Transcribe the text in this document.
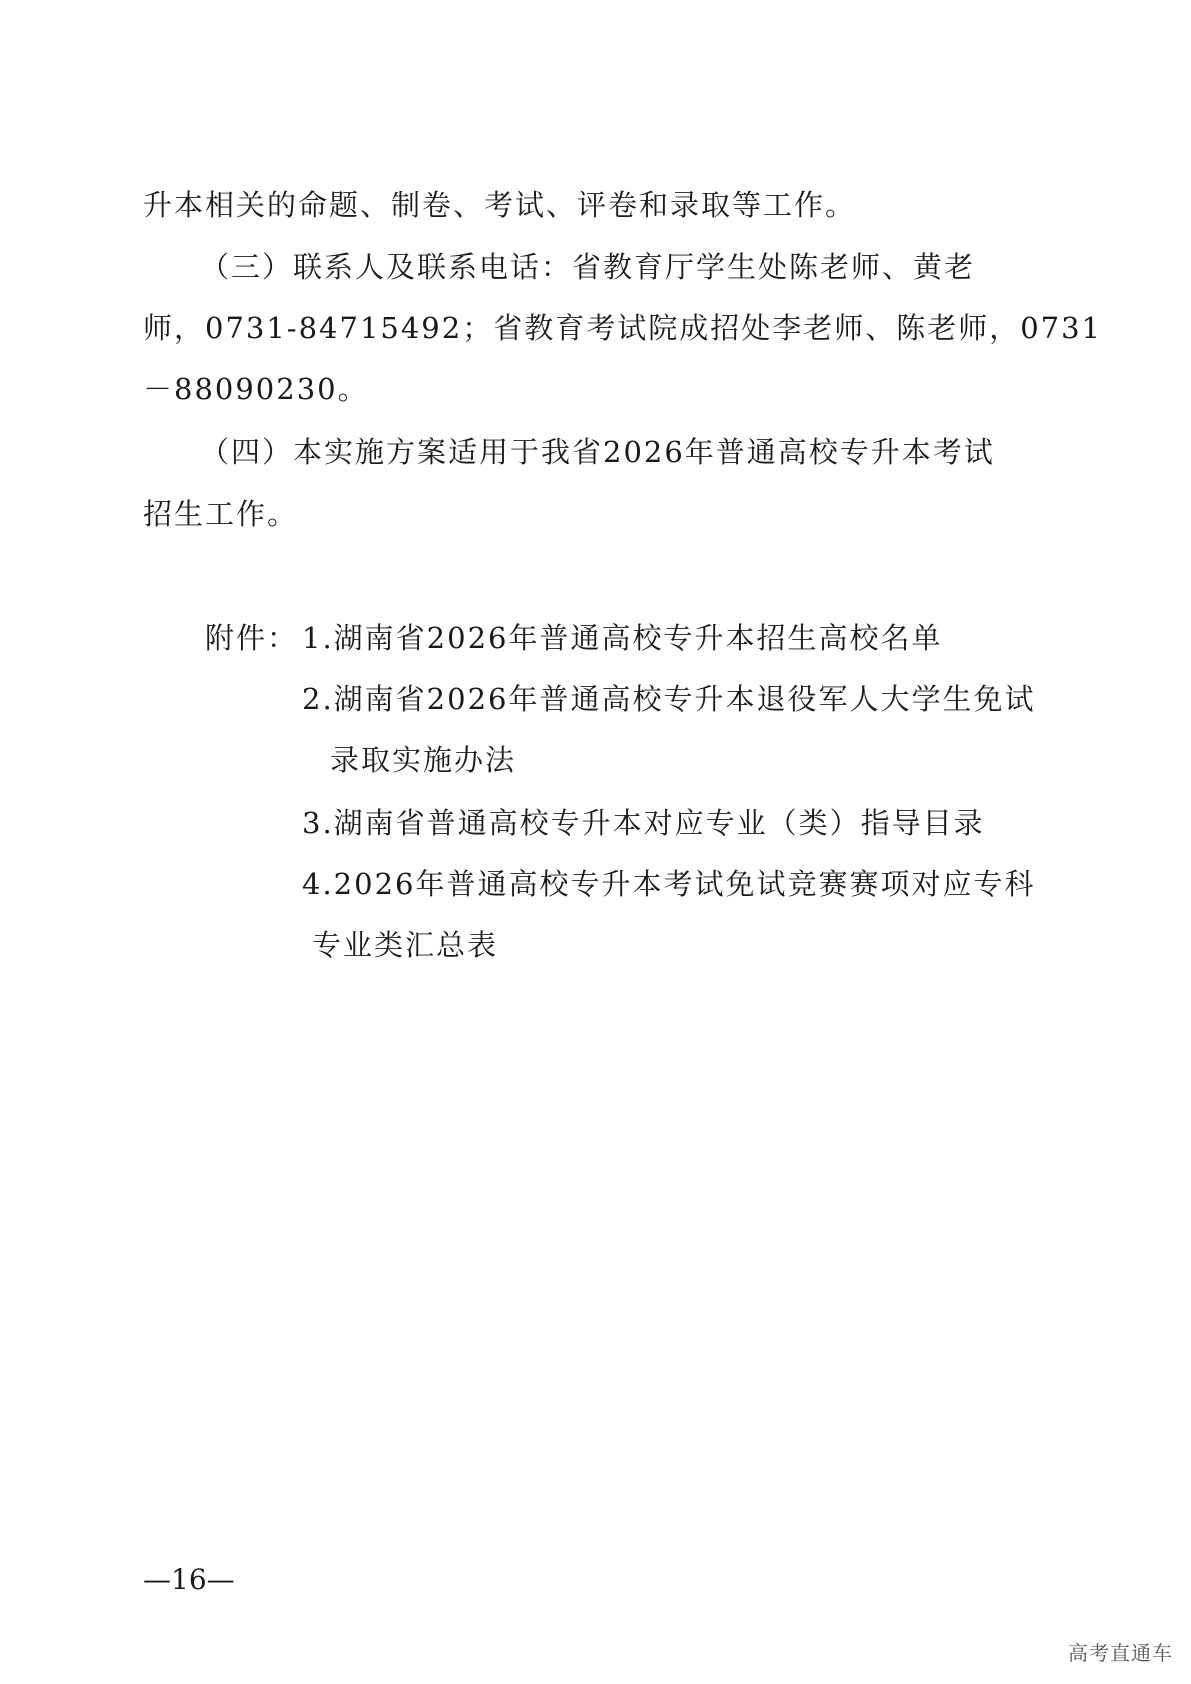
升本相关的命题、制卷、考试、评卷和录取等工作。
（三）联系人及联系电话：省教育厅学生处陈老师、黄老
师，0731-84715492；省教育考试院成招处李老师、陈老师，0731
－88090230。
（四）本实施方案适用于我省2026年普通高校专升本考试
招生工作。
附件： 1.湖南省2026年普通高校专升本招生高校名单
2.湖南省2026年普通高校专升本退役军人大学生免试
录取实施办法
3.湖南省普通高校专升本对应专业（类）指导目录
4.2026年普通高校专升本考试免试竞赛赛项对应专科
专业类汇总表
—16—
高考直通车
